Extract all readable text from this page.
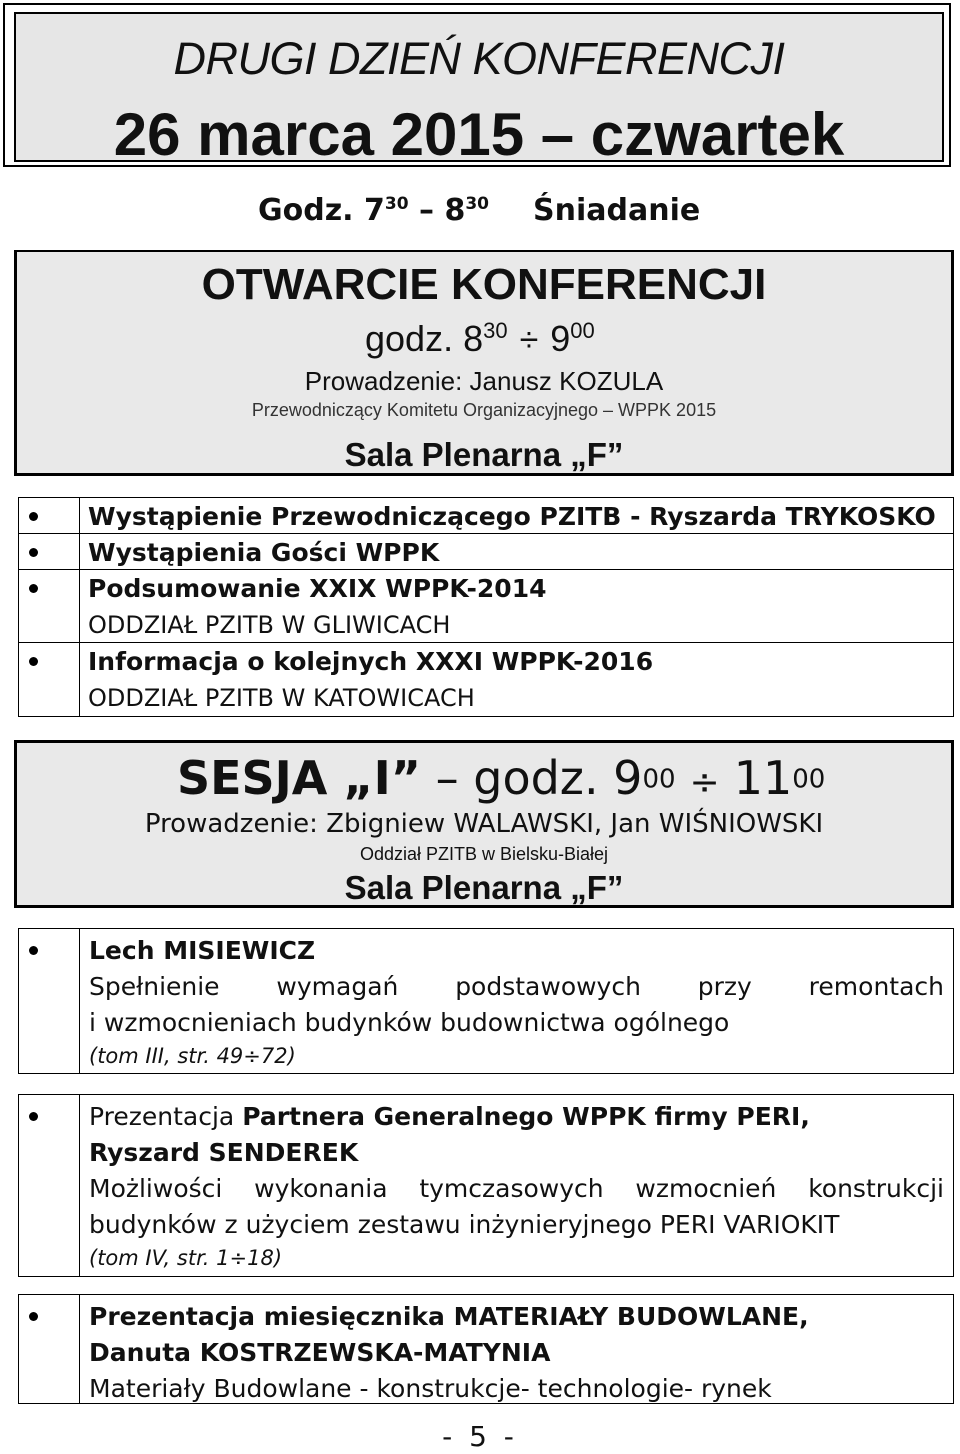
DRUGI DZIEŃ KONFERENCJI
26 marca 2015 – czwartek
Godz. $7^{30} - 8^{30}$ Śniadanie
OTWARCIE KONFERENCJI
godz. $8^{30} \div 9^{00}$
Prowadzenie: Janusz KOZULA
Przewodniczący Komitetu Organizacyjnego – WPPK 2015
Sala Plenarna „F”
Wystąpienie Przewodniczącego PZITB - Ryszarda TRYKOSKO
Wystąpienia Gości WPPK
Podsumowanie XXIX WPPK-2014
ODDZIAŁ PZITB W GLIWICACH
Informacja o kolejnych XXXI WPPK-2016
ODDZIAŁ PZITB W KATOWICACH
SESJA „I” – godz. $9^{00} \div 11^{00}$
Prowadzenie: Zbigniew WALAWSKI, Jan WIŚNIOWSKI
Oddział PZITB w Bielsku-Białej
Sala Plenarna „F”
Lech MISIEWICZ
Spełnienie wymagań podstawowych przy remontach
i wzmocnieniach budynków budownictwa ogólnego
(tom III, str. 49÷72)
Prezentacja Partnera Generalnego WPPK firmy PERI,
Ryszard SENDEREK
Możliwości wykonania tymczasowych wzmocnień konstrukcji
budynków z użyciem zestawu inżynieryjnego PERI VARIOKIT
(tom IV, str. 1÷18)
Prezentacja miesięcznika MATERIAŁY BUDOWLANE,
Danuta KOSTRZEWSKA-MATYNIA
Materiały Budowlane - konstrukcje- technologie- rynek
- 5 -
